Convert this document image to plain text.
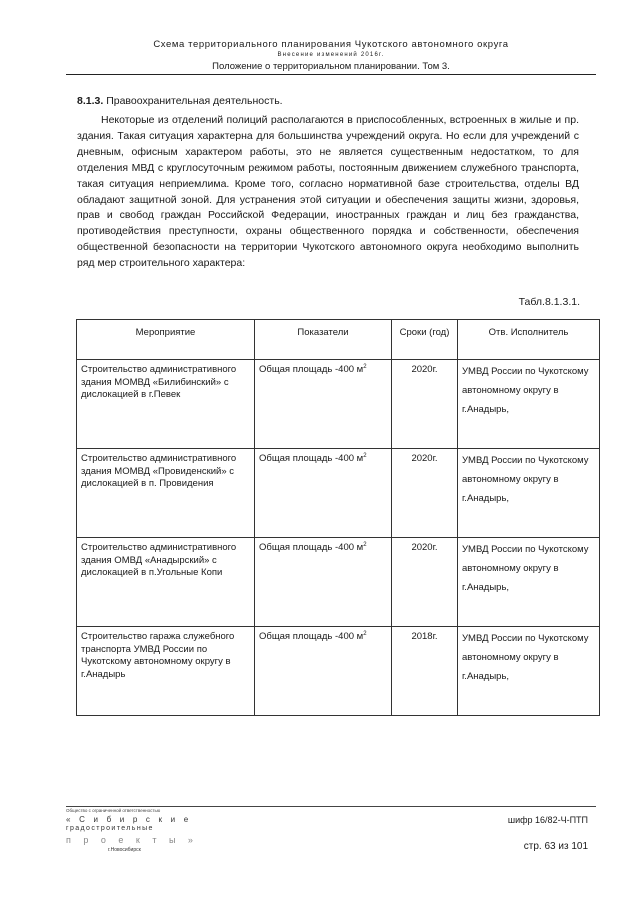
Схема территориального планирования Чукотского автономного округа
Внесение изменений 2016г.
Положение о территориальном планировании. Том 3.
8.1.3. Правоохранительная деятельность.
Некоторые из отделений полиций располагаются в приспособленных, встроенных в жилые и пр. здания. Такая ситуация характерна для большинства учреждений округа. Но если для учреждений с дневным, офисным характером работы, это не является существенным недостатком, то для отделения МВД с круглосуточным режимом работы, постоянным движением служебного транспорта, такая ситуация неприемлима. Кроме того, согласно нормативной базе строительства, отделы ВД обладают защитной зоной. Для устранения этой ситуации и обеспечения защиты жизни, здоровья, прав и свобод граждан Российской Федерации, иностранных граждан и лиц без гражданства, противодействия преступности, охраны общественного порядка и собственности, обеспечения общественной безопасности на территории Чукотского автономного округа необходимо выполнить ряд мер строительного характера:
Табл.8.1.3.1.
Мероприятие	Показатели	Сроки (год)	Отв. Исполнитель
Строительство административного здания МОМВД «Билибинский» с дислокацией в г.Певек	Общая площадь -400 $м^2$	2020г.	УМВД России по Чукотскому автономному округу в г.Анадырь,
Строительство административного здания МОМВД «Провиденский» с дислокацией в п. Провидения	Общая площадь -400 $м^2$	2020г.	УМВД России по Чукотскому автономному округу в г.Анадырь,
Строительство административного здания ОМВД «Анадырский» с дислокацией в п.Угольные Копи	Общая площадь -400 $м^2$	2020г.	УМВД России по Чукотскому автономному округу в г.Анадырь,
Строительство гаража служебного транспорта УМВД России по Чукотскому автономному округу в г.Анадырь	Общая площадь -400 $м^2$	2018г.	УМВД России по Чукотскому автономному округу в г.Анадырь,
Общество с ограниченной ответственностью
« С и б и р с к и е
градостроительные
п р о е к т ы »
г.Новосибирск
шифр 16/82-Ч-ПТП
стр. 63 из 101
